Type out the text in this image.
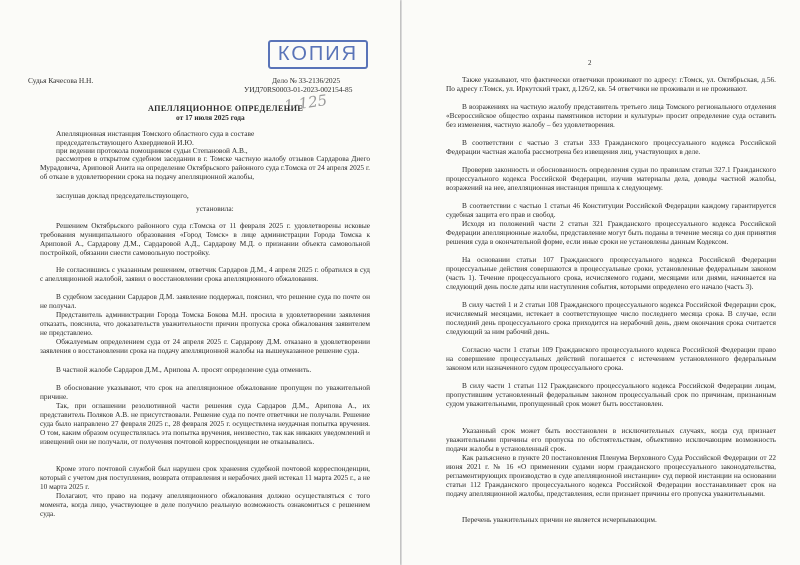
КОПИЯ
1-125
Судья Качесова Н.Н.	Дело № 33-2136/2025
УИД70RS0003-01-2023-002154-85
АПЕЛЛЯЦИОННОЕ ОПРЕДЕЛЕНИЕ
от 17 июля 2025 года
Апелляционная инстанция Томского областного суда в составе
председательствующего Ахвердиевой И.Ю.
при ведении протокола помощником судьи Степановой А.В.,
рассмотрев в открытом судебном заседании в г. Томске частную жалобу отзывов Сардарова Диего Мурадовича, Ариповой Анита на определение Октябрьского районного суда г.Томска от 24 апреля 2025 г. об отказе в удовлетворении срока на подачу апелляционной жалобы,
заслушав доклад председательствующего,
установила:
Решением Октябрьского районного суда г.Томска от 11 февраля 2025 г. удовлетворены исковые требования муниципального образования «Город Томск» в лице администрации Города Томска к Ариповой А., Сардарову Д.М., Сардаровой А.Д., Сардарову М.Д. о признании объекта самовольной постройкой, обязании снести самовольную постройку.
Не согласившись с указанным решением, ответчик Сардаров Д.М., 4 апреля 2025 г. обратился в суд с апелляционной жалобой, заявил о восстановлении срока апелляционного обжалования.
В судебном заседании Сардаров Д.М. заявление поддержал, пояснил, что решение суда по почте он не получал.
Представитель администрации Города Томска Бокова М.Н. просила в удовлетворении заявления отказать, пояснила, что доказательств уважительности причин пропуска срока обжалования заявителем не представлено.
Обжалуемым определением суда от 24 апреля 2025 г. Сардарову Д.М. отказано в удовлетворении заявления о восстановлении срока на подачу апелляционной жалобы на вышеуказанное решение суда.
В частной жалобе Сардаров Д.М., Арипова А. просят определение суда отменить.
В обоснование указывают, что срок на апелляционное обжалование пропущен по уважительной причине.
Так, при оглашении резолютивной части решения суда Сардаров Д.М., Арипова А., их представитель Поляков А.В. не присутствовали. Решение суда по почте ответчики не получали. Решение суда было направлено 27 февраля 2025 г., 28 февраля 2025 г. осуществлена неудачная попытка вручения. О том, каким образом осуществлялась эта попытка вручения, неизвестно, так как никаких уведомлений и извещений они не получали, от получения почтовой корреспонденции не отказывались.
Кроме этого почтовой службой был нарушен срок хранения судебной почтовой корреспонденции, который с учетом дня поступления, возврата отправления и нерабочих дней истекал 11 марта 2025 г., а не 10 марта 2025 г.
Полагают, что право на подачу апелляционного обжалования должно осуществляться с того момента, когда лицо, участвующее в деле получило реальную возможность ознакомиться с решением суда.
2
Также указывают, что фактически ответчики проживают по адресу: г.Томск, ул. Октябрьская, д.56. По адресу г.Томск, ул. Иркутский тракт, д.126/2, кв. 54 ответчики не проживали и не проживают.
В возражениях на частную жалобу представитель третьего лица Томского регионального отделения «Всероссийское общество охраны памятников истории и культуры» просит определение суда оставить без изменения, частную жалобу – без удовлетворения.
В соответствии с частью 3 статьи 333 Гражданского процессуального кодекса Российской Федерации частная жалоба рассмотрена без извещения лиц, участвующих в деле.
Проверив законность и обоснованность определения судьи по правилам статьи 327.1 Гражданского процессуального кодекса Российской Федерации, изучив материалы дела, доводы частной жалобы, возражений на нее, апелляционная инстанция пришла к следующему.
В соответствии с частью 1 статьи 46 Конституции Российской Федерации каждому гарантируется судебная защита его прав и свобод.
Исходя из положений части 2 статьи 321 Гражданского процессуального кодекса Российской Федерации апелляционные жалобы, представление могут быть поданы в течение месяца со дня принятия решения суда в окончательной форме, если иные сроки не установлены данным Кодексом.
На основании статьи 107 Гражданского процессуального кодекса Российской Федерации процессуальные действия совершаются в процессуальные сроки, установленные федеральным законом (часть 1). Течение процессуального срока, исчисляемого годами, месяцами или днями, начинается на следующий день после даты или наступления события, которыми определено его начало (часть 3).
В силу частей 1 и 2 статьи 108 Гражданского процессуального кодекса Российской Федерации срок, исчисляемый месяцами, истекает в соответствующее число последнего месяца срока. В случае, если последний день процессуального срока приходится на нерабочий день, днем окончания срока считается следующий за ним рабочий день.
Согласно части 1 статьи 109 Гражданского процессуального кодекса Российской Федерации право на совершение процессуальных действий погашается с истечением установленного федеральным законом или назначенного судом процессуального срока.
В силу части 1 статьи 112 Гражданского процессуального кодекса Российской Федерации лицам, пропустившим установленный федеральным законом процессуальный срок по причинам, признанным судом уважительными, пропущенный срок может быть восстановлен.
Указанный срок может быть восстановлен в исключительных случаях, когда суд признает уважительными причины его пропуска по обстоятельствам, объективно исключающим возможность подачи жалобы в установленный срок.
Как разъяснено в пункте 20 постановления Пленума Верховного Суда Российской Федерации от 22 июня 2021 г. № 16 «О применении судами норм гражданского процессуального законодательства, регламентирующих производство в суде апелляционной инстанции» суд первой инстанции на основании статьи 112 Гражданского процессуального кодекса Российской Федерации восстанавливает срок на подачу апелляционной жалобы, представления, если признает причины его пропуска уважительными.
Перечень уважительных причин не является исчерпывающим.
